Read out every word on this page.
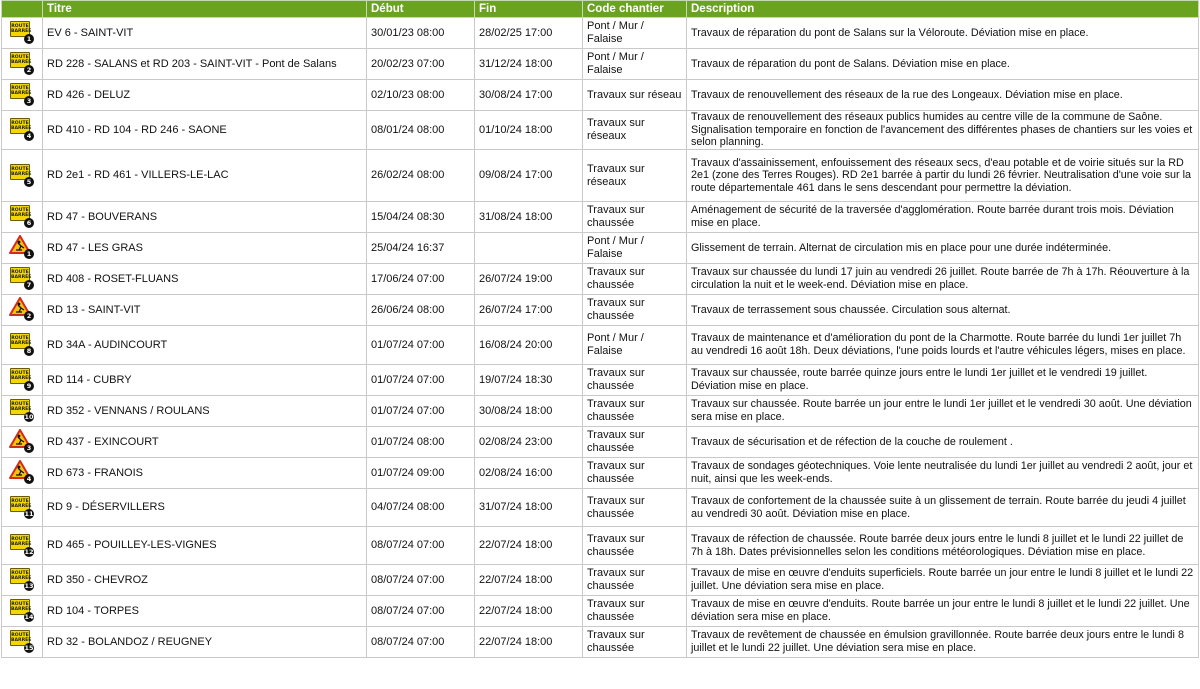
	Titre	Début	Fin	Code chantier	Description

ROUTE BARRÉE
1	EV 6 - SAINT-VIT	30/01/23 08:00	28/02/25 17:00	Pont / Mur / Falaise	Travaux de réparation du pont de Salans sur la Véloroute. Déviation mise en place.

ROUTE BARRÉE
2	RD 228 - SALANS et RD 203 - SAINT-VIT - Pont de Salans	20/02/23 07:00	31/12/24 18:00	Pont / Mur / Falaise	Travaux de réparation du pont de Salans. Déviation mise en place.

ROUTE BARRÉE
3	RD 426 - DELUZ	02/10/23 08:00	30/08/24 17:00	Travaux sur réseau	Travaux de renouvellement des réseaux de la rue des Longeaux. Déviation mise en place.

ROUTE BARRÉE
4	RD 410 - RD 104 - RD 246 - SAONE	08/01/24 08:00	01/10/24 18:00	Travaux sur réseaux	Travaux de renouvellement des réseaux publics humides au centre ville de la commune de Saône. Signalisation temporaire en fonction de l'avancement des différentes phases de chantiers sur les voies et selon planning.

ROUTE BARRÉE
5	RD 2e1 - RD 461 - VILLERS-LE-LAC	26/02/24 08:00	09/08/24 17:00	Travaux sur réseaux	Travaux d'assainissement, enfouissement des réseaux secs, d'eau potable et de voirie situés sur la RD 2e1 (zone des Terres Rouges). RD 2e1 barrée à partir du lundi 26 février. Neutralisation d'une voie sur la route départementale 461 dans le sens descendant pour permettre la déviation.

ROUTE BARRÉE
6	RD 47 - BOUVERANS	15/04/24 08:30	31/08/24 18:00	Travaux sur chaussée	Aménagement de sécurité de la traversée d'agglomération. Route barrée durant trois mois. Déviation mise en place.

1	RD 47 - LES GRAS	25/04/24 16:37		Pont / Mur / Falaise	Glissement de terrain. Alternat de circulation mis en place pour une durée indéterminée.

ROUTE BARRÉE
7	RD 408 - ROSET-FLUANS	17/06/24 07:00	26/07/24 19:00	Travaux sur chaussée	Travaux sur chaussée du lundi 17 juin au vendredi 26 juillet. Route barrée de 7h à 17h. Réouverture à la circulation la nuit et le week-end. Déviation mise en place.

2	RD 13 - SAINT-VIT	26/06/24 08:00	26/07/24 17:00	Travaux sur chaussée	Travaux de terrassement sous chaussée. Circulation sous alternat.

ROUTE BARRÉE
8	RD 34A - AUDINCOURT	01/07/24 07:00	16/08/24 20:00	Pont / Mur / Falaise	Travaux de maintenance et d'amélioration du pont de la Charmotte. Route barrée du lundi 1er juillet 7h au vendredi 16 août 18h. Deux déviations, l'une poids lourds et l'autre véhicules légers, mises en place.

ROUTE BARRÉE
9	RD 114 - CUBRY	01/07/24 07:00	19/07/24 18:30	Travaux sur chaussée	Travaux sur chaussée, route barrée quinze jours entre le lundi 1er juillet et le vendredi 19 juillet. Déviation mise en place.

ROUTE BARRÉE
10	RD 352 - VENNANS / ROULANS	01/07/24 07:00	30/08/24 18:00	Travaux sur chaussée	Travaux sur chaussée. Route barrée un jour entre le lundi 1er juillet et le vendredi 30 août. Une déviation sera mise en place.

3	RD 437 - EXINCOURT	01/07/24 08:00	02/08/24 23:00	Travaux sur chaussée	Travaux de sécurisation et de réfection de la couche de roulement .

4	RD 673 - FRANOIS	01/07/24 09:00	02/08/24 16:00	Travaux sur chaussée	Travaux de sondages géotechniques. Voie lente neutralisée du lundi 1er juillet au vendredi 2 août, jour et nuit, ainsi que les week-ends.

ROUTE BARRÉE
11	RD 9 - DÉSERVILLERS	04/07/24 08:00	31/07/24 18:00	Travaux sur chaussée	Travaux de confortement de la chaussée suite à un glissement de terrain. Route barrée du jeudi 4 juillet au vendredi 30 août. Déviation mise en place.

ROUTE BARRÉE
12	RD 465 - POUILLEY-LES-VIGNES	08/07/24 07:00	22/07/24 18:00	Travaux sur chaussée	Travaux de réfection de chaussée. Route barrée deux jours entre le lundi 8 juillet et le lundi 22 juillet de 7h à 18h. Dates prévisionnelles selon les conditions météorologiques. Déviation mise en place.

ROUTE BARRÉE
13	RD 350 - CHEVROZ	08/07/24 07:00	22/07/24 18:00	Travaux sur chaussée	Travaux de mise en œuvre d'enduits superficiels. Route barrée un jour entre le lundi 8 juillet et le lundi 22 juillet. Une déviation sera mise en place.

ROUTE BARRÉE
14	RD 104 - TORPES	08/07/24 07:00	22/07/24 18:00	Travaux sur chaussée	Travaux de mise en œuvre d'enduits. Route barrée un jour entre le lundi 8 juillet et le lundi 22 juillet. Une déviation sera mise en place.

ROUTE BARRÉE
15	RD 32 - BOLANDOZ / REUGNEY	08/07/24 07:00	22/07/24 18:00	Travaux sur chaussée	Travaux de revêtement de chaussée en émulsion gravillonnée. Route barrée deux jours entre le lundi 8 juillet et le lundi 22 juillet. Une déviation sera mise en place.
